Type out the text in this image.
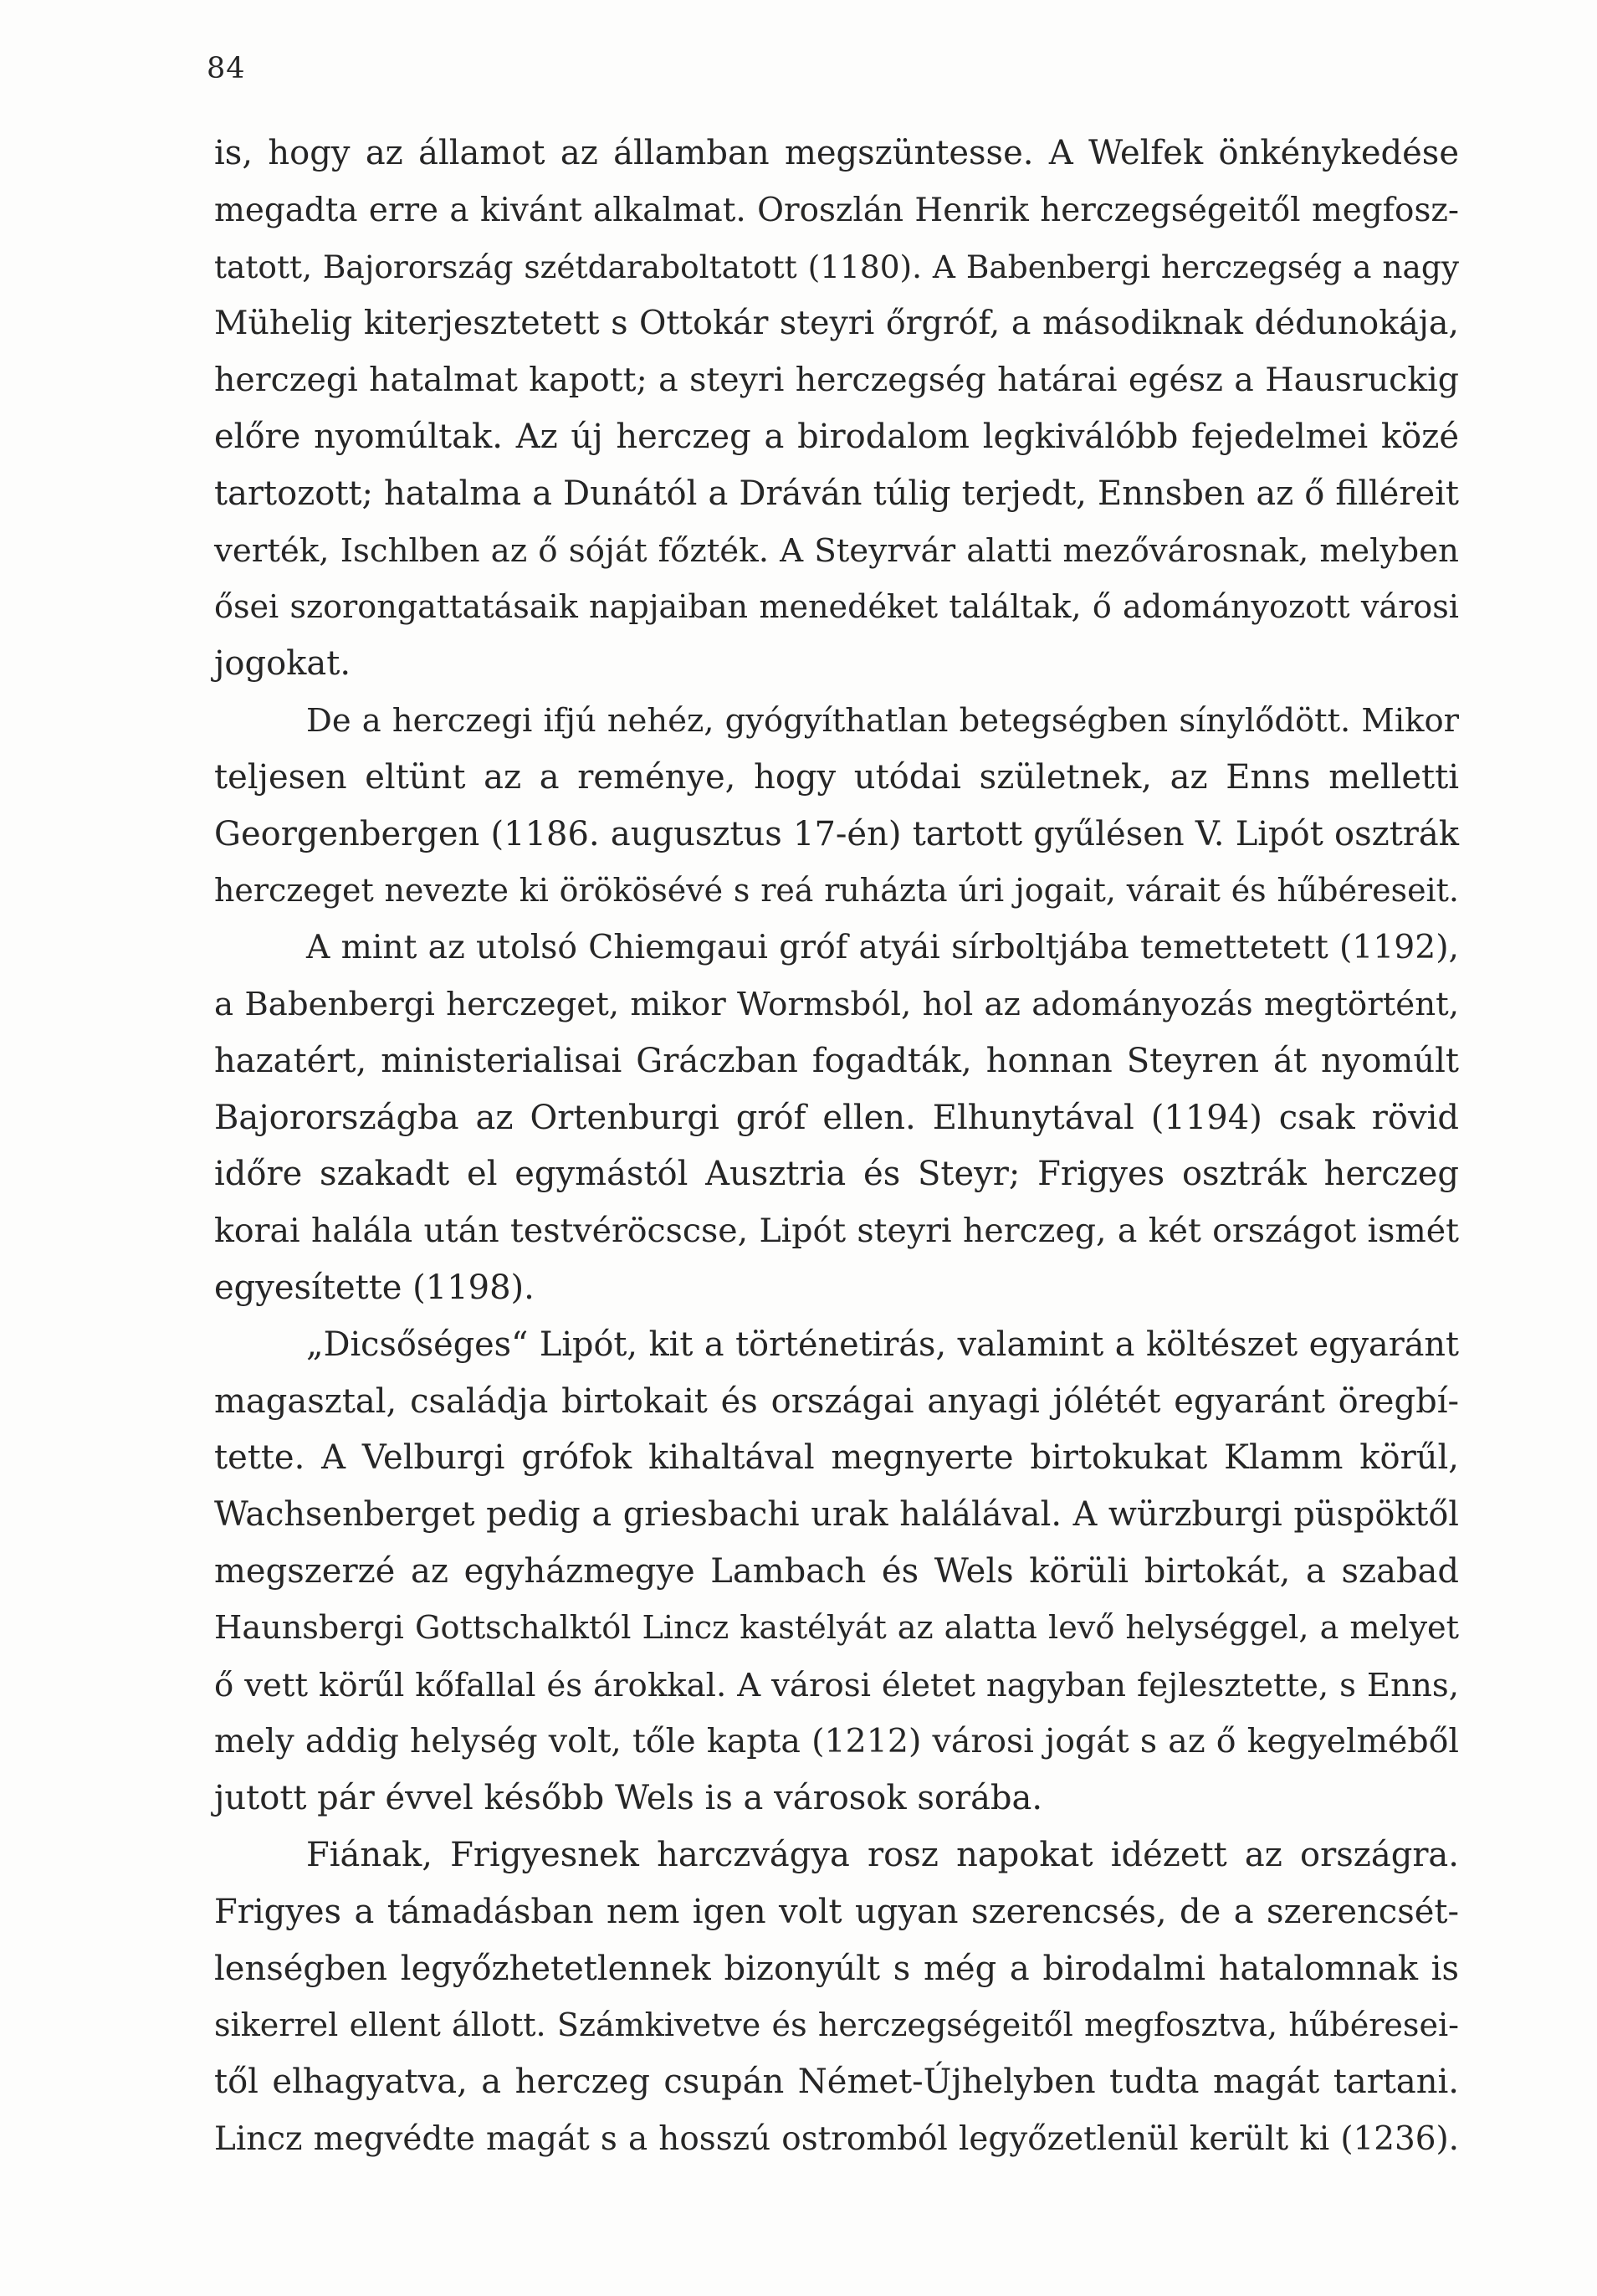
84
is, hogy az államot az államban megszüntesse. A Welfek önkénykedése
megadta erre a kivánt alkalmat. Oroszlán Henrik herczegségeitől megfosz-
tatott, Bajorország szétdaraboltatott (1180). A Babenbergi herczegség a nagy
Mühelig kiterjesztetett s Ottokár steyri őrgróf, a másodiknak dédunokája,
herczegi hatalmat kapott; a steyri herczegség határai egész a Hausruckig
előre nyomúltak. Az új herczeg a birodalom legkiválóbb fejedelmei közé
tartozott; hatalma a Dunától a Dráván túlig terjedt, Ennsben az ő filléreit
verték, Ischlben az ő sóját főzték. A Steyrvár alatti mezővárosnak, melyben
ősei szorongattatásaik napjaiban menedéket találtak, ő adományozott városi
jogokat.
De a herczegi ifjú nehéz, gyógyíthatlan betegségben sínylődött. Mikor
teljesen eltünt az a reménye, hogy utódai születnek, az Enns melletti
Georgenbergen (1186. augusztus 17-én) tartott gyűlésen V. Lipót osztrák
herczeget nevezte ki örökösévé s reá ruházta úri jogait, várait és hűbéreseit.
A mint az utolsó Chiemgaui gróf atyái sírboltjába temettetett (1192),
a Babenbergi herczeget, mikor Wormsból, hol az adományozás megtörtént,
hazatért, ministerialisai Gráczban fogadták, honnan Steyren át nyomúlt
Bajorországba az Ortenburgi gróf ellen. Elhunytával (1194) csak rövid
időre szakadt el egymástól Ausztria és Steyr; Frigyes osztrák herczeg
korai halála után testvéröcscse, Lipót steyri herczeg, a két országot ismét
egyesítette (1198).
„Dicsőséges“ Lipót, kit a történetirás, valamint a költészet egyaránt
magasztal, családja birtokait és országai anyagi jólétét egyaránt öregbí-
tette. A Velburgi grófok kihaltával megnyerte birtokukat Klamm körűl,
Wachsenberget pedig a griesbachi urak halálával. A würzburgi püspöktől
megszerzé az egyházmegye Lambach és Wels körüli birtokát, a szabad
Haunsbergi Gottschalktól Lincz kastélyát az alatta levő helységgel, a melyet
ő vett körűl kőfallal és árokkal. A városi életet nagyban fejlesztette, s Enns,
mely addig helység volt, tőle kapta (1212) városi jogát s az ő kegyelméből
jutott pár évvel később Wels is a városok sorába.
Fiának, Frigyesnek harczvágya rosz napokat idézett az országra.
Frigyes a támadásban nem igen volt ugyan szerencsés, de a szerencsét-
lenségben legyőzhetetlennek bizonyúlt s még a birodalmi hatalomnak is
sikerrel ellent állott. Számkivetve és herczegségeitől megfosztva, hűbéresei-
től elhagyatva, a herczeg csupán Német-Újhelyben tudta magát tartani.
Lincz megvédte magát s a hosszú ostromból legyőzetlenül került ki (1236).
